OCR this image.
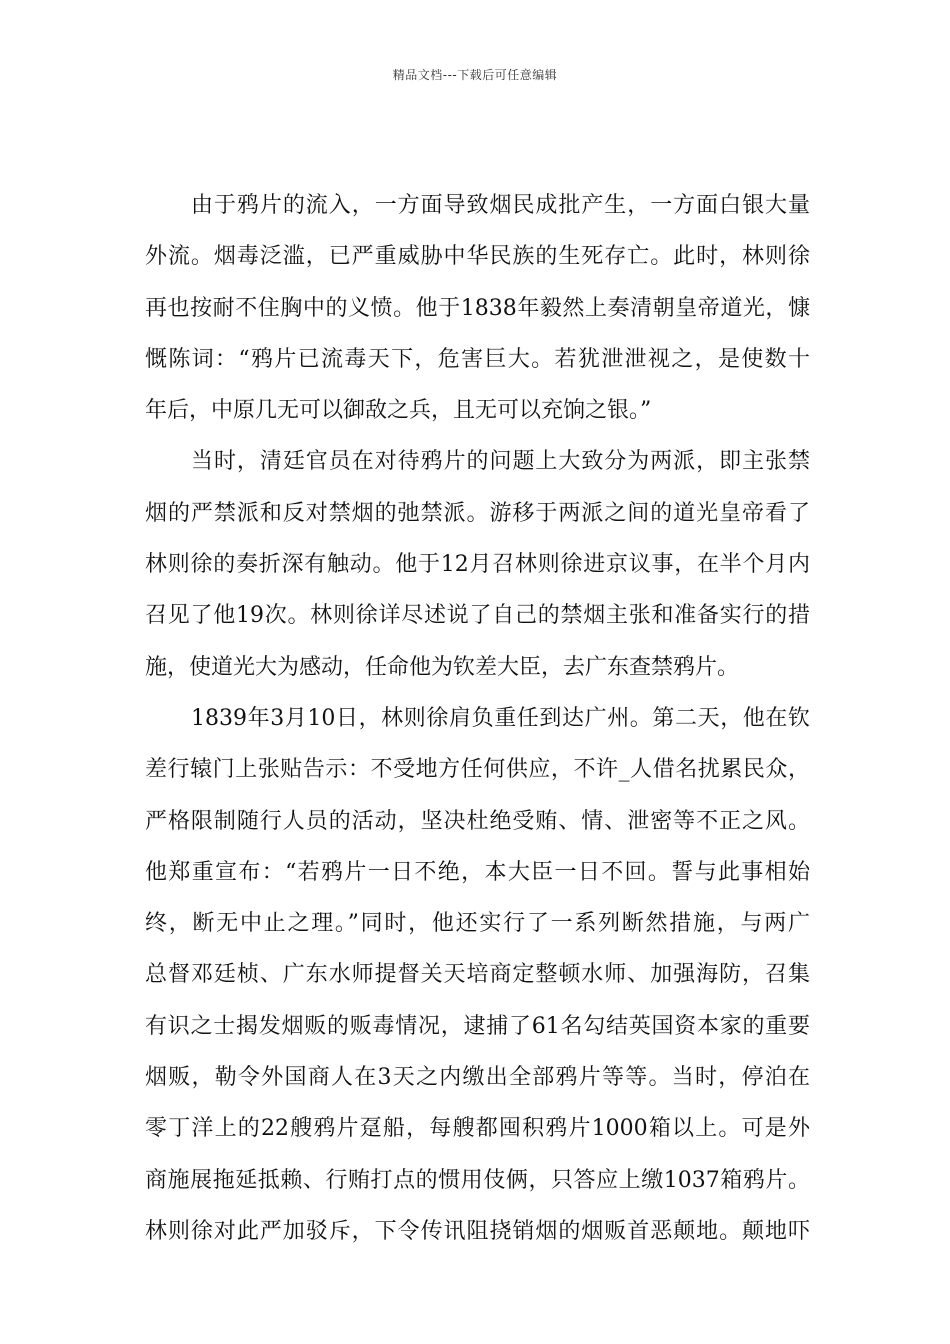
精品文档---下载后可任意编辑
由于鸦片的流入，一方面导致烟民成批产生，一方面白银大量
外流。烟毒泛滥，已严重威胁中华民族的生死存亡。此时，林则徐
再也按耐不住胸中的义愤。他于1838年毅然上奏清朝皇帝道光，慷
慨陈词：“鸦片已流毒天下，危害巨大。若犹泄泄视之，是使数十
年后，中原几无可以御敌之兵，且无可以充饷之银。”
当时，清廷官员在对待鸦片的问题上大致分为两派，即主张禁
烟的严禁派和反对禁烟的弛禁派。游移于两派之间的道光皇帝看了
林则徐的奏折深有触动。他于12月召林则徐进京议事，在半个月内
召见了他19次。林则徐详尽述说了自己的禁烟主张和准备实行的措
施，使道光大为感动，任命他为钦差大臣，去广东查禁鸦片。
1839年3月10日，林则徐肩负重任到达广州。第二天，他在钦
差行辕门上张贴告示：不受地方任何供应，不许_人借名扰累民众，
严格限制随行人员的活动，坚决杜绝受贿、情、泄密等不正之风。
他郑重宣布：“若鸦片一日不绝，本大臣一日不回。誓与此事相始
终，断无中止之理。”同时，他还实行了一系列断然措施，与两广
总督邓廷桢、广东水师提督关天培商定整顿水师、加强海防，召集
有识之士揭发烟贩的贩毒情况，逮捕了61名勾结英国资本家的重要
烟贩，勒令外国商人在3天之内缴出全部鸦片等等。当时，停泊在
零丁洋上的22艘鸦片趸船，每艘都囤积鸦片1000箱以上。可是外
商施展拖延抵赖、行贿打点的惯用伎俩，只答应上缴1037箱鸦片。
林则徐对此严加驳斥，下令传讯阻挠销烟的烟贩首恶颠地。颠地吓
